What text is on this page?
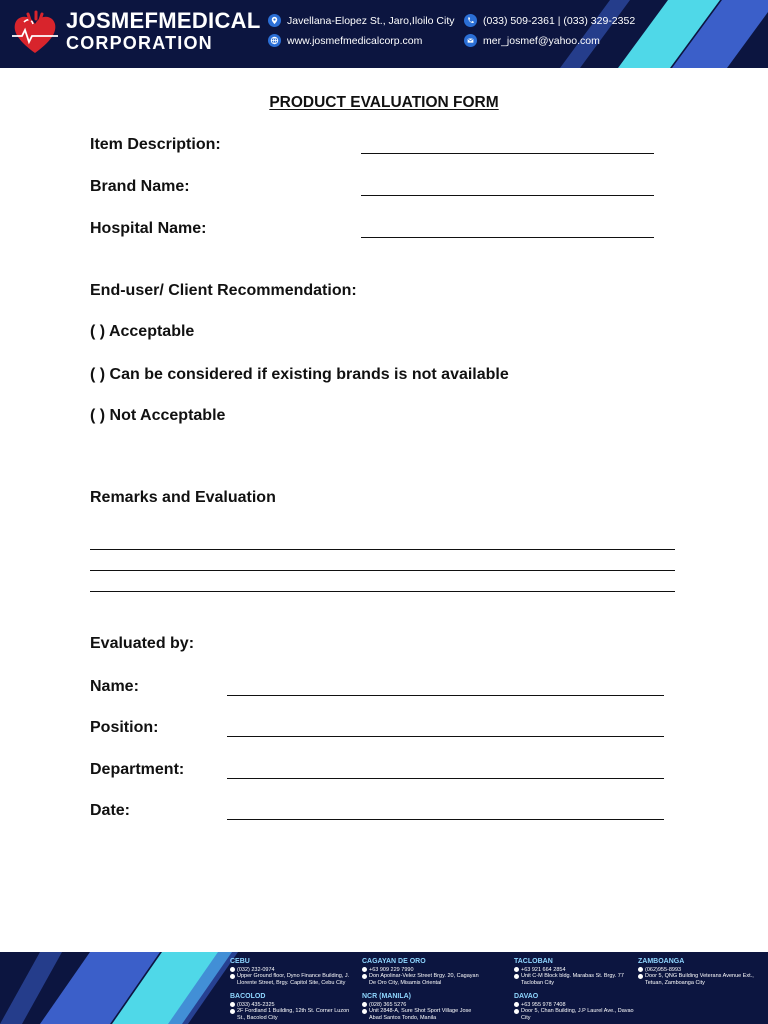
JOSMEFMEDICAL
CORPORATION
Javellana-Elopez St., Jaro,Iloilo City
www.josmefmedicalcorp.com
(033) 509-2361 | (033) 329-2352
mer_josmef@yahoo.com
PRODUCT EVALUATION FORM
Item Description:
Brand Name:
Hospital Name:
End-user/ Client Recommendation:
( ) Acceptable
( ) Can be considered if existing brands is not available
( ) Not Acceptable
Remarks and Evaluation
Evaluated by:
Name:
Position:
Department:
Date:
CEBU
(032) 232-0974
Upper Ground floor, Dyno Finance Building, J. Llorente Street, Brgy. Capitol Site, Cebu City
BACOLOD
(033) 435-2325
2F Fordland 1 Building, 12th St. Corner Luzon St., Bacolod City
CAGAYAN DE ORO
+63 909 229 7990
Don Apolinar-Velez Street Brgy. 20, Cagayan De Oro City, Misamis Oriental
NCR (MANILA)
(028) 365 5276
Unit 2848-A, Sure Shot Sport Village Jose Abad Santos Tondo, Manila
TACLOBAN
+63 921 664 2854
Unit C-M Block bldg. Marabas St. Brgy. 77 Tacloban City
DAVAO
+63 955 978 7408
Door 5, Chan Building, J.P Laurel Ave., Davao City
ZAMBOANGA
(062)955-8993
Door 5, QNG Building Veterans Avenue Ext., Tetuan, Zamboanga City
